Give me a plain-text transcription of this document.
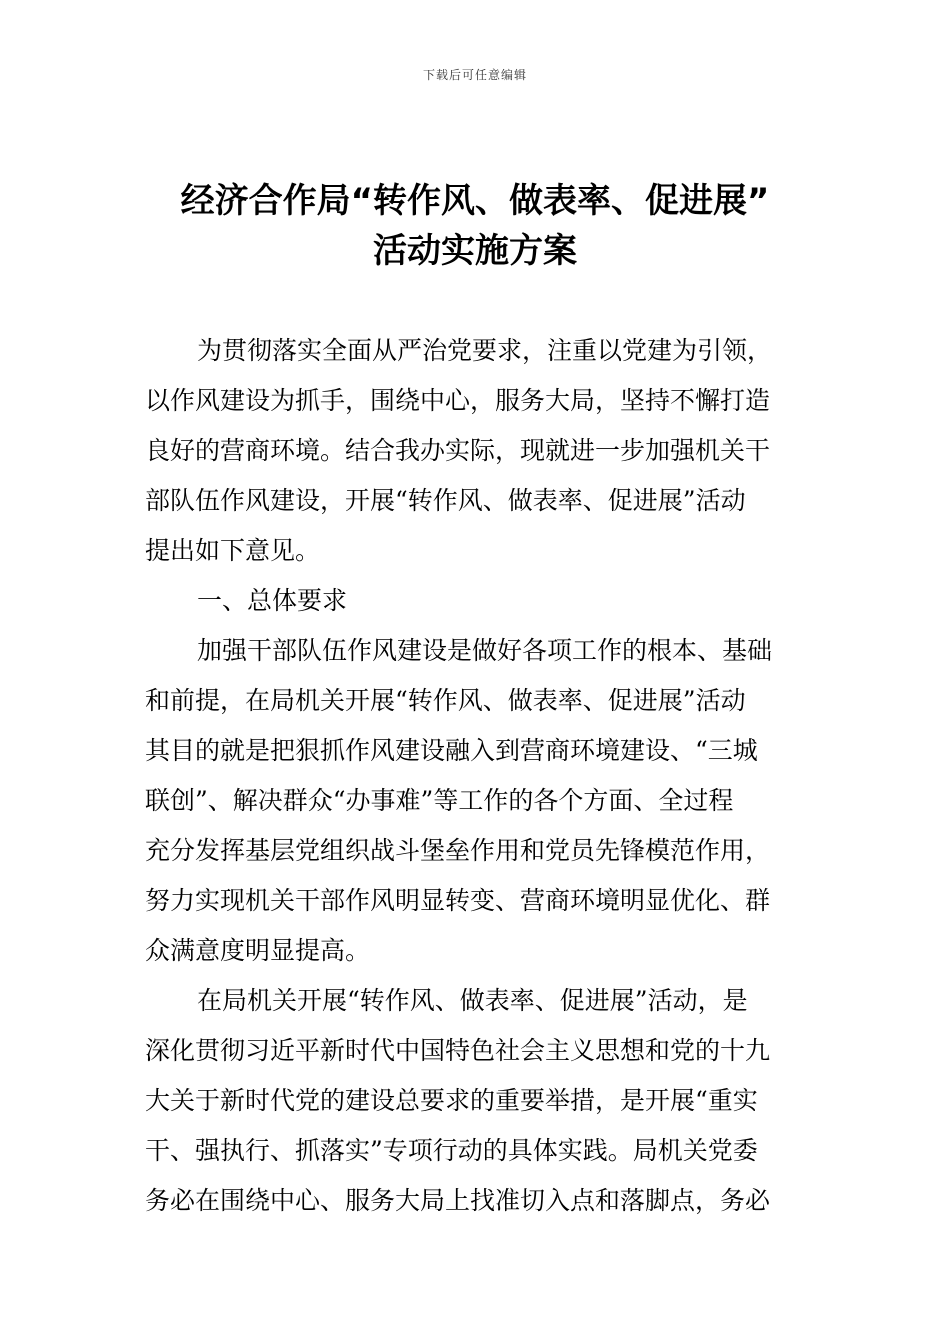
下载后可任意编辑
经济合作局“转作风、做表率、促进展”
活动实施方案

为贯彻落实全面从严治党要求，注重以党建为引领，
以作风建设为抓手，围绕中心，服务大局，坚持不懈打造
良好的营商环境。结合我办实际，现就进一步加强机关干
部队伍作风建设，开展“转作风、做表率、促进展”活动
提出如下意见。

一、总体要求

加强干部队伍作风建设是做好各项工作的根本、基础
和前提，在局机关开展“转作风、做表率、促进展”活动
其目的就是把狠抓作风建设融入到营商环境建设、“三城
联创”、解决群众“办事难”等工作的各个方面、全过程
充分发挥基层党组织战斗堡垒作用和党员先锋模范作用，
努力实现机关干部作风明显转变、营商环境明显优化、群
众满意度明显提高。

在局机关开展“转作风、做表率、促进展”活动，是
深化贯彻习近平新时代中国特色社会主义思想和党的十九
大关于新时代党的建设总要求的重要举措，是开展“重实
干、强执行、抓落实”专项行动的具体实践。局机关党委
务必在围绕中心、服务大局上找准切入点和落脚点，务必
